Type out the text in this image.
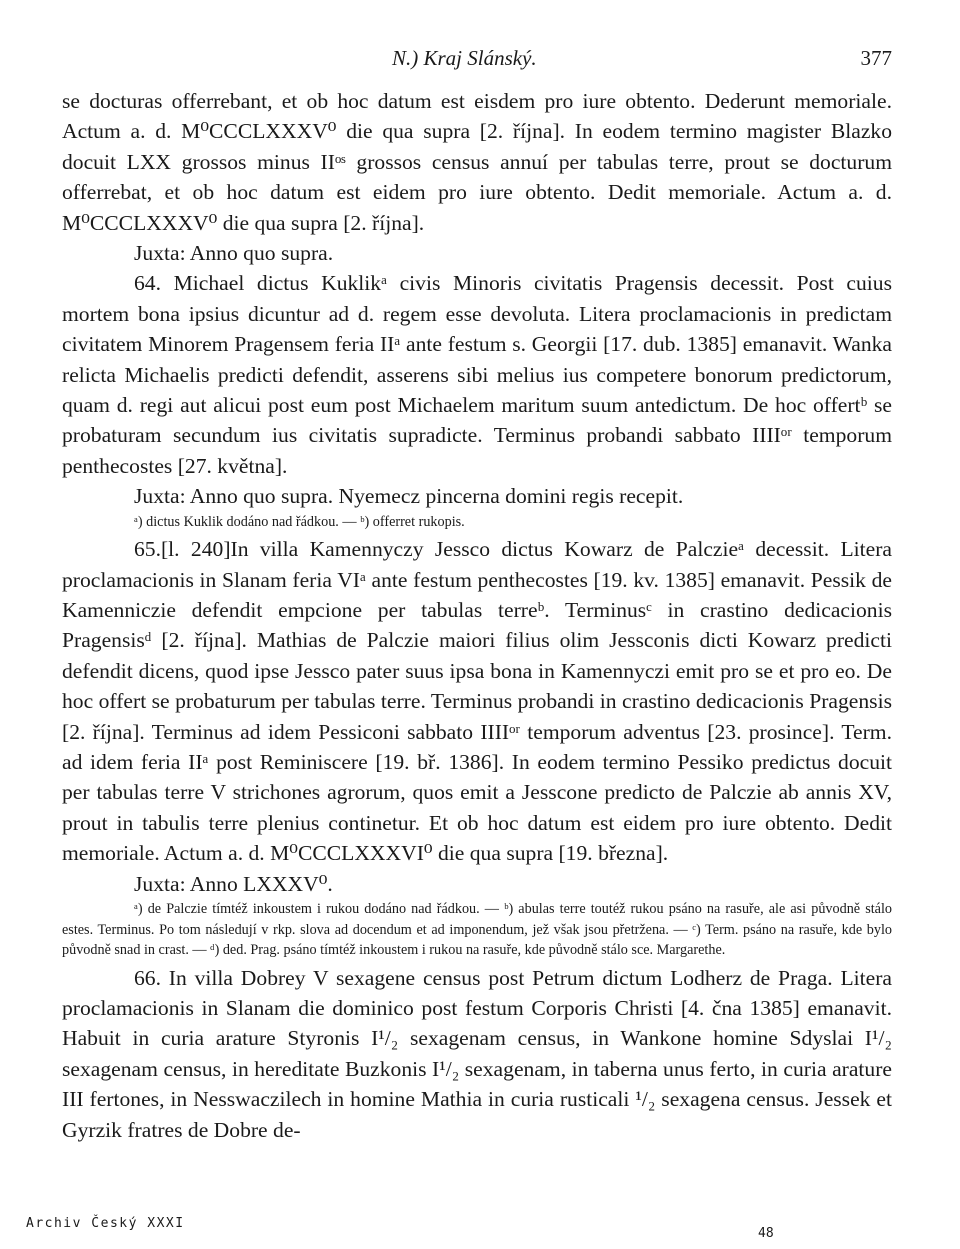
N.) Kraj Slánský.	377

se docturas offerrebant, et ob hoc datum est eisdem pro iure obtento. Dederunt memoriale. Actum a. d. M⁰CCCLXXXV⁰ die qua supra [2. října]. In eodem termino magister Blazko docuit LXX grossos minus IIᵒˢ grossos census annuí per tabulas terre, prout se docturum offerrebat, et ob hoc datum est eidem pro iure obtento. Dedit memoriale. Actum a. d. M⁰CCCLXXXV⁰ die qua supra [2. října].

Juxta: Anno quo supra.

64. Michael dictus Kuklikᵃ civis Minoris civitatis Pragensis decessit. Post cuius mortem bona ipsius dicuntur ad d. regem esse devoluta. Litera proclamacionis in predictam civitatem Minorem Pragensem feria IIᵃ ante festum s. Georgii [17. dub. 1385] emanavit. Wanka relicta Michaelis predicti defendit, asserens sibi melius ius competere bonorum predictorum, quam d. regi aut alicui post eum post Michaelem maritum suum antedictum. De hoc offertᵇ se probaturam secundum ius civitatis supradicte. Terminus probandi sabbato IIIIᵒʳ temporum penthecostes [27. května].

Juxta: Anno quo supra. Nyemecz pincerna domini regis recepit.

ᵃ) dictus Kuklik dodáno nad řádkou. — ᵇ) offerret rukopis.

65.[l. 240]In villa Kamennyczy Jessco dictus Kowarz de Palczieᵃ decessit. Litera proclamacionis in Slanam feria VIᵃ ante festum penthecostes [19. kv. 1385] emanavit. Pessik de Kamenniczie defendit empcione per tabulas terreᵇ. Terminusᶜ in crastino dedicacionis Pragensisᵈ [2. října]. Mathias de Palczie maiori filius olim Jessconis dicti Kowarz predicti defendit dicens, quod ipse Jessco pater suus ipsa bona in Kamennyczi emit pro se et pro eo. De hoc offert se probaturum per tabulas terre. Terminus probandi in crastino dedicacionis Pragensis [2. října]. Terminus ad idem Pessiconi sabbato IIIIᵒʳ temporum adventus [23. prosince]. Term. ad idem feria IIᵃ post Reminiscere [19. bř. 1386]. In eodem termino Pessiko predictus docuit per tabulas terre V strichones agrorum, quos emit a Jesscone predicto de Palczie ab annis XV, prout in tabulis terre plenius continetur. Et ob hoc datum est eidem pro iure obtento. Dedit memoriale. Actum a. d. M⁰CCCLXXXVI⁰ die qua supra [19. března].

Juxta: Anno LXXXV⁰.

ᵃ) de Palczie tímtéž inkoustem i rukou dodáno nad řádkou. — ᵇ) abulas terre toutéž rukou psáno na rasuře, ale asi původně stálo estes. Terminus. Po tom následují v rkp. slova ad docendum et ad imponendum, jež však jsou přetržena. — ᶜ) Term. psáno na rasuře, kde bylo původně snad in crast. — ᵈ) ded. Prag. psáno tímtéž inkoustem i rukou na rasuře, kde původně stálo sce. Margarethe.

66. In villa Dobrey V sexagene census post Petrum dictum Lodherz de Praga. Litera proclamacionis in Slanam die dominico post festum Corporis Christi [4. čna 1385] emanavit. Habuit in curia arature Styronis I¹/₂ sexagenam census, in Wankone homine Sdyslai I¹/₂ sexagenam census, in hereditate Buzkonis I¹/₂ sexagenam, in taberna unus ferto, in curia arature III fertones, in Nesswaczilech in homine Mathia in curia rusticali ¹/₂ sexagena census. Jessek et Gyrzik fratres de Dobre de-

Archiv Český XXXI
48
